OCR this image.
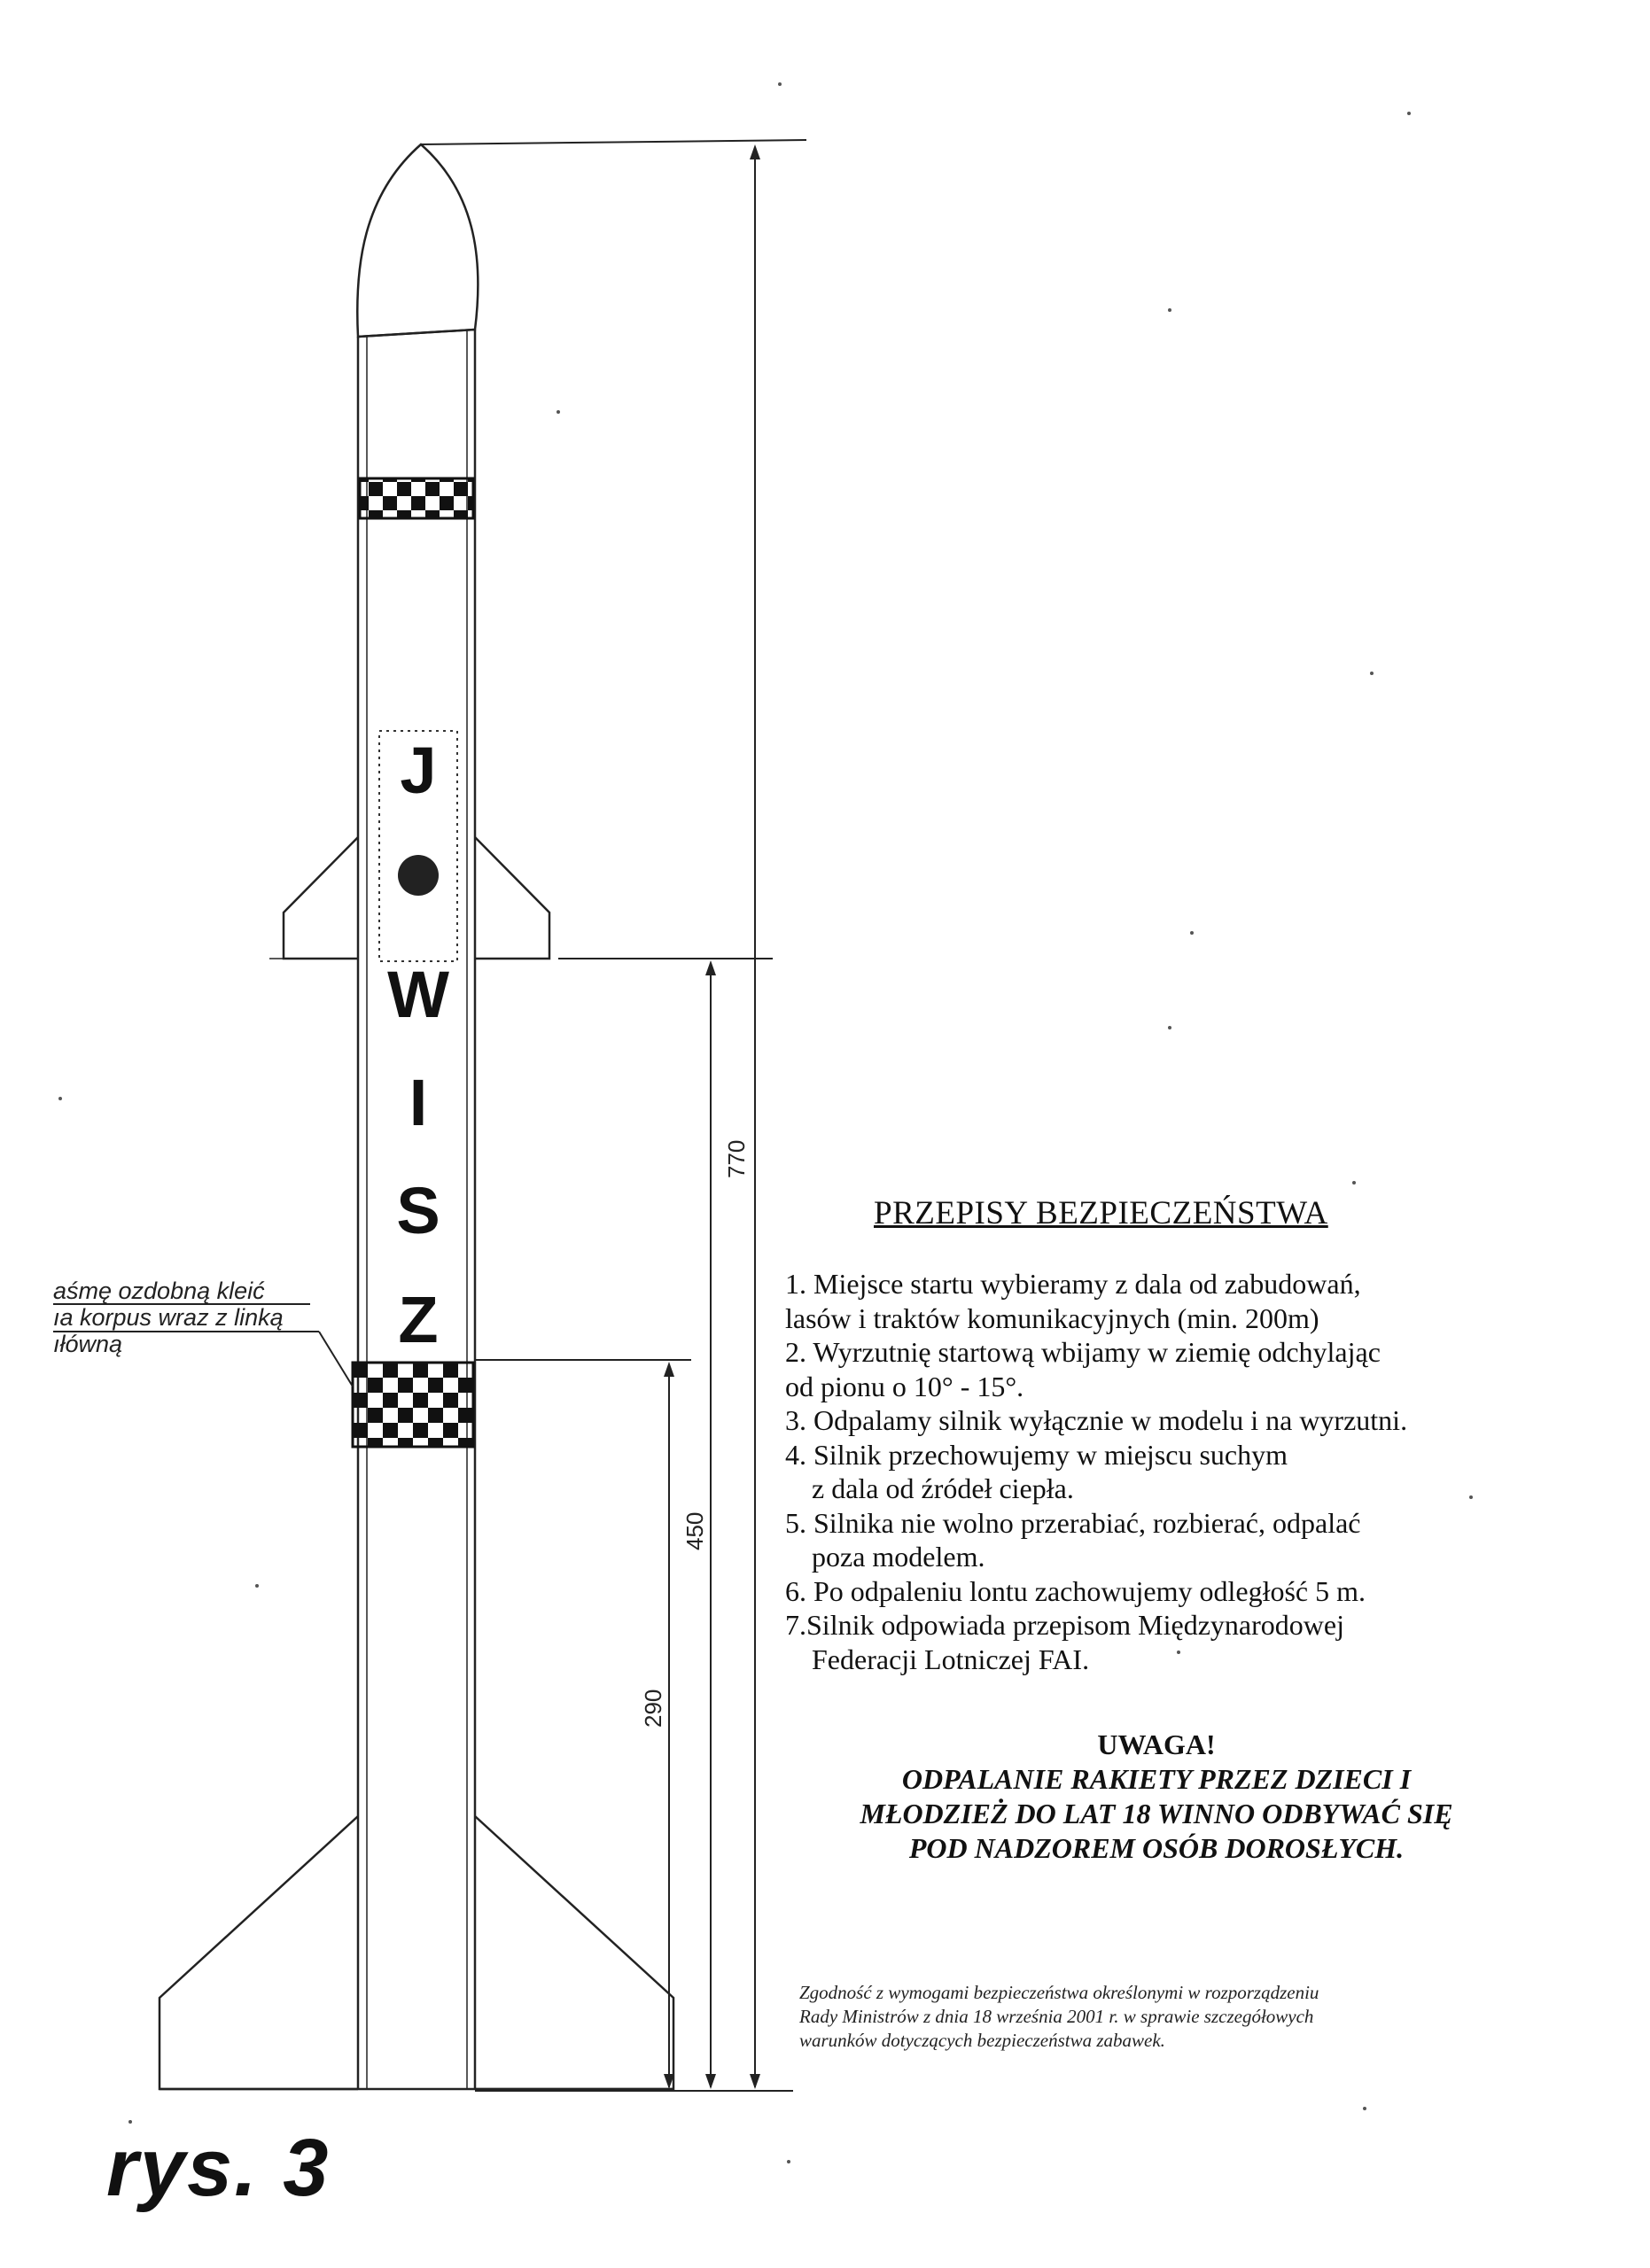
J
W
I
S
Z
770
450
290
aśmę ozdobną kleić
ıa korpus wraz z linką
ıłówną
PRZEPISY BEZPIECZEŃSTWA
1. Miejsce startu wybieramy z dala od zabudowań,
lasów i traktów komunikacyjnych (min. 200m)
2. Wyrzutnię startową wbijamy w ziemię odchylając
od pionu o 10° - 15°.
3. Odpalamy silnik wyłącznie w modelu i na wyrzutni.
4. Silnik przechowujemy w miejscu suchym
z dala od źródeł ciepła.
5. Silnika nie wolno przerabiać, rozbierać, odpalać
poza modelem.
6. Po odpaleniu lontu zachowujemy odległość 5 m.
7.Silnik odpowiada przepisom Międzynarodowej
Federacji Lotniczej FAI.
UWAGA!
ODPALANIE RAKIETY PRZEZ DZIECI I
MŁODZIEŻ DO LAT 18 WINNO ODBYWAĆ SIĘ
POD NADZOREM OSÓB DOROSŁYCH.
Zgodność z wymogami bezpieczeństwa określonymi w rozporządzeniu
Rady Ministrów z dnia 18 września 2001 r. w sprawie szczegółowych
warunków dotyczących bezpieczeństwa zabawek.
rys. 3
